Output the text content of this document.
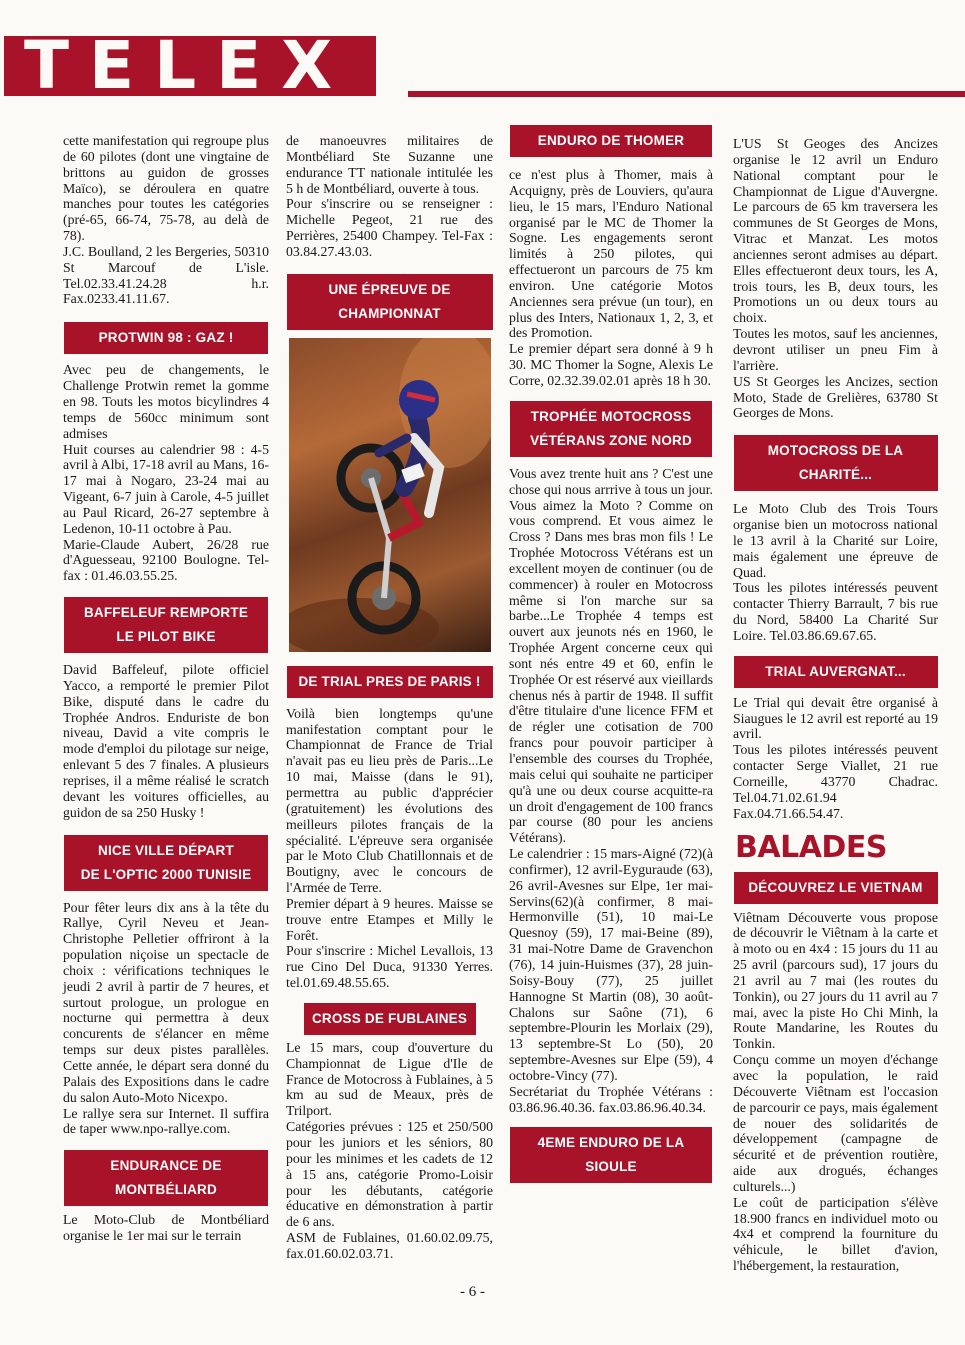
TELEX

cette manifestation qui regroupe plus de 60 pilotes (dont une vingtaine de brittons au guidon de grosses Maïco), se déroulera en quatre manches pour toutes les catégories (pré-65, 66-74, 75-78, au delà de 78).

J.C. Boulland, 2 les Bergeries, 50310 St Marcouf de L'isle. Tel.02.33.41.24.28 h.r. Fax.0233.41.11.67.

PROTWIN 98 : GAZ !

Avec peu de changements, le Challenge Protwin remet la gomme en 98. Touts les motos bicylindres 4 temps de 560cc minimum sont admises

Huit courses au calendrier 98 : 4-5 avril à Albi, 17-18 avril au Mans, 16-17 mai à Nogaro, 23-24 mai au Vigeant, 6-7 juin à Carole, 4-5 juillet au Paul Ricard, 26-27 septembre à Ledenon, 10-11 octobre à Pau.

Marie-Claude Aubert, 26/28 rue d'Aguesseau, 92100 Boulogne. Tel-fax : 01.46.03.55.25.

BAFFELEUF REMPORTE
LE PILOT BIKE

David Baffeleuf, pilote officiel Yacco, a remporté le premier Pilot Bike, disputé dans le cadre du Trophée Andros. Enduriste de bon niveau, David a vite compris le mode d'emploi du pilotage sur neige, enlevant 5 des 7 finales. A plusieurs reprises, il a même réalisé le scratch devant les voitures officielles, au guidon de sa 250 Husky !

NICE VILLE DÉPART
DE L'OPTIC 2000 TUNISIE

Pour fêter leurs dix ans à la tête du Rallye, Cyril Neveu et Jean-Christophe Pelletier offriront à la population niçoise un spectacle de choix : vérifications techniques le jeudi 2 avril à partir de 7 heures, et surtout prologue, un prologue en nocturne qui permettra à deux concurents de s'élancer en même temps sur deux pistes parallèles. Cette année, le départ sera donné du Palais des Expositions dans le cadre du salon Auto-Moto Nicexpo.

Le rallye sera sur Internet. Il suffira de taper www.npo-rallye.com.

ENDURANCE DE MONTBÉLIARD

Le Moto-Club de Montbéliard organise le 1er mai sur le terrain

de manoeuvres militaires de Montbéliard Ste Suzanne une endurance TT nationale intitulée les 5 h de Montbéliard, ouverte à tous.

Pour s'inscrire ou se renseigner : Michelle Pegeot, 21 rue des Perrières, 25400 Champey. Tel-Fax : 03.84.27.43.03.

UNE ÉPREUVE DE CHAMPIONNAT
DE TRIAL PRES DE PARIS !

Voilà bien longtemps qu'une manifestation comptant pour le Championnat de France de Trial n'avait pas eu lieu près de Paris...Le 10 mai, Maisse (dans le 91), permettra au public d'apprécier (gratuitement) les évolutions des meilleurs pilotes français de la spécialité. L'épreuve sera organisée par le Moto Club Chatillonnais et de Boutigny, avec le concours de l'Armée de Terre.

Premier départ à 9 heures. Maisse se trouve entre Etampes et Milly le Forêt.

Pour s'inscrire : Michel Levallois, 13 rue Cino Del Duca, 91330 Yerres. tel.01.69.48.55.65.

CROSS DE FUBLAINES

Le 15 mars, coup d'ouverture du Championnat de Ligue d'Ile de France de Motocross à Fublaines, à 5 km au sud de Meaux, près de Trilport.

Catégories prévues : 125 et 250/500 pour les juniors et les séniors, 80 pour les minimes et les cadets de 12 à 15 ans, catégorie Promo-Loisir pour les débutants, catégorie éducative en démonstration à partir de 6 ans.

ASM de Fublaines, 01.60.02.09.75, fax.01.60.02.03.71.

ENDURO DE THOMER

ce n'est plus à Thomer, mais à Acquigny, près de Louviers, qu'aura lieu, le 15 mars, l'Enduro National organisé par le MC de Thomer la Sogne. Les engagements seront limités à 250 pilotes, qui effectueront un parcours de 75 km environ. Une catégorie Motos Anciennes sera prévue (un tour), en plus des Inters, Nationaux 1, 2, 3, et des Promotion.

Le premier départ sera donné à 9 h 30. MC Thomer la Sogne, Alexis Le Corre, 02.32.39.02.01 après 18 h 30.

TROPHÉE MOTOCROSS
VÉTÉRANS ZONE NORD

Vous avez trente huit ans ? C'est une chose qui nous arrrive à tous un jour. Vous aimez la Moto ? Comme on vous comprend. Et vous aimez le Cross ? Dans mes bras mon fils ! Le Trophée Motocross Vétérans est un excellent moyen de continuer (ou de commencer) à rouler en Motocross même si l'on marche sur sa barbe...Le Trophée 4 temps est ouvert aux jeunots nés en 1960, le Trophée Argent concerne ceux qui sont nés entre 49 et 60, enfin le Trophée Or est réservé aux vieillards chenus nés à partir de 1948. Il suffit d'être titulaire d'une licence FFM et de régler une cotisation de 700 francs pour pouvoir participer à l'ensemble des courses du Trophée, mais celui qui souhaite ne participer qu'à une ou deux course acquitte-ra un droit d'engagement de 100 francs par course (80 pour les anciens Vétérans).

Le calendrier : 15 mars-Aigné (72)(à confirmer), 12 avril-Eyguraude (63), 26 avril-Avesnes sur Elpe, 1er mai-Servins(62)(à confirmer, 8 mai-Hermonville (51), 10 mai-Le Quesnoy (59), 17 mai-Beine (89), 31 mai-Notre Dame de Gravenchon (76), 14 juin-Huismes (37), 28 juin-Soisy-Bouy (77), 25 juillet Hannogne St Martin (08), 30 août-Chalons sur Saône (71), 6 septembre-Plourin les Morlaix (29), 13 septembre-St Lo (50), 20 septembre-Avesnes sur Elpe (59), 4 octobre-Vincy (77).

Secrétariat du Trophée Vétérans : 03.86.96.40.36. fax.03.86.96.40.34.

4EME ENDURO DE LA SIOULE

L'US St Geoges des Ancizes organise le 12 avril un Enduro National comptant pour le Championnat de Ligue d'Auvergne. Le parcours de 65 km traversera les communes de St Georges de Mons, Vitrac et Manzat. Les motos anciennes seront admises au départ. Elles effectueront deux tours, les A, trois tours, les B, deux tours, les Promotions un ou deux tours au choix.

Toutes les motos, sauf les anciennes, devront utiliser un pneu Fim à l'arrière.

US St Georges les Ancizes, section Moto, Stade de Grelières, 63780 St Georges de Mons.

MOTOCROSS DE LA CHARITÉ...

Le Moto Club des Trois Tours organise bien un motocross national le 13 avril à la Charité sur Loire, mais également une épreuve de Quad.

Tous les pilotes intéressés peuvent contacter Thierry Barrault, 7 bis rue du Nord, 58400 La Charité Sur Loire. Tel.03.86.69.67.65.

TRIAL AUVERGNAT...

Le Trial qui devait être organisé à Siaugues le 12 avril est reporté au 19 avril.

Tous les pilotes intéressés peuvent contacter Serge Viallet, 21 rue Corneille, 43770 Chadrac. Tel.04.71.02.61.94 Fax.04.71.66.54.47.

BALADES
DÉCOUVREZ LE VIETNAM

Viêtnam Découverte vous propose de découvrir le Viêtnam à la carte et à moto ou en 4x4 : 15 jours du 11 au 25 avril (parcours sud), 17 jours du 21 avril au 7 mai (les routes du Tonkin), ou 27 jours du 11 avril au 7 mai, avec la piste Ho Chi Minh, la Route Mandarine, les Routes du Tonkin.

Conçu comme un moyen d'échange avec la population, le raid Découverte Viêtnam est l'occasion de parcourir ce pays, mais également de nouer des solidarités de développement (campagne de sécurité et de prévention routière, aide aux drogués, échanges culturels...)

Le coût de participation s'élève 18.900 francs en individuel moto ou 4x4 et comprend la fourniture du véhicule, le billet d'avion, l'hébergement, la restauration,

- 6 -
